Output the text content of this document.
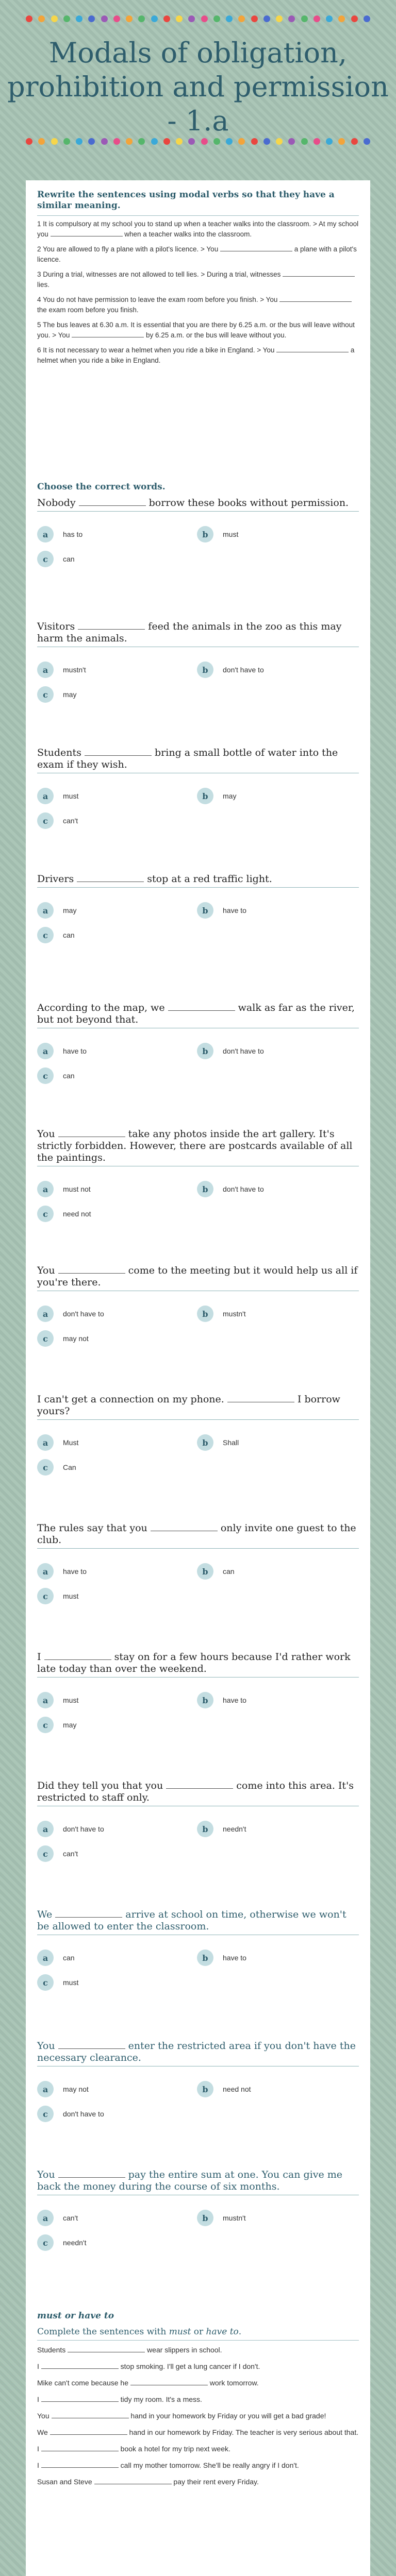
Modals of obligation, prohibition and permission - 1.a
Rewrite the sentences using modal verbs so that they have a similar meaning.
1 It is compulsory at my school you to stand up when a teacher walks into the classroom. > At my school you	when a teacher walks into the classroom.
2 You are allowed to fly a plane with a pilot's licence. > You	a plane with a pilot's licence.
3 During a trial, witnesses are not allowed to tell lies. > During a trial, witnesses  lies.
4 You do not have permission to leave the exam room before you finish. > You  the exam room before you finish.
5 The bus leaves at 6.30 a.m. It is essential that you are there by 6.25 a.m. or the bus will leave without you. > You	by 6.25 a.m. or the bus will leave without you.
6 It is not necessary to wear a helmet when you ride a bike in England. > You	a helmet when you ride a bike in England.
Choose the correct words.
Nobody	borrow these books without permission.
Visitors	feed the animals in the zoo as this may harm the animals.
Students	bring a small bottle of water into the exam if they wish.
Drivers	stop at a red traffic light.
According to the map, we	walk as far as the river, but not beyond that.
You	take any photos inside the art gallery. It's strictly forbidden. However, there are postcards available of all the paintings.
You	come to the meeting but it would help us all if you're there.
I can't get a connection on my phone.	I borrow yours?
The rules say that you	only invite one guest to the club.
I	stay on for a few hours because I'd rather work late today than over the weekend.
Did they tell you that you	come into this area. It's restricted to staff only.
We	arrive at school on time, otherwise we won't be allowed to enter the classroom.
You	enter the restricted area if you don't have the necessary clearance.
You	pay the entire sum at one. You can give me back the money during the course of six months.
must or have to
Complete the sentences with must or have to.
Students	wear slippers in school.
I	stop smoking. I'll get a lung cancer if I don't.
Mike can't come because he	work tomorrow.
I	tidy my room. It's a mess.
You	hand in your homework by Friday or you will get a bad grade!
We	hand in our homework by Friday. The teacher is very serious about that.
I	book a hotel for my trip next week.
I	call my mother tomorrow. She'll be really angry if I don't.
Susan and Steve	pay their rent every Friday.
a	has to	b	must
c	can
a	mustn't	b	don't have to
c	may
a	must	b	may
c	can't
a	may	b	have to
c	can
a	have to	b	don't have to
c	can
a	must not	b	don't have to
c	need not
a	don't have to	b	mustn't
c	may not
a	Must	b	Shall
c	Can
a	have to	b	can
c	must
a	must	b	have to
c	may
a	don't have to	b	needn't
c	can't
a	can	b	have to
c	must
a	may not	b	need not
c	don't have to
a	can't	b	mustn't
c	needn't
